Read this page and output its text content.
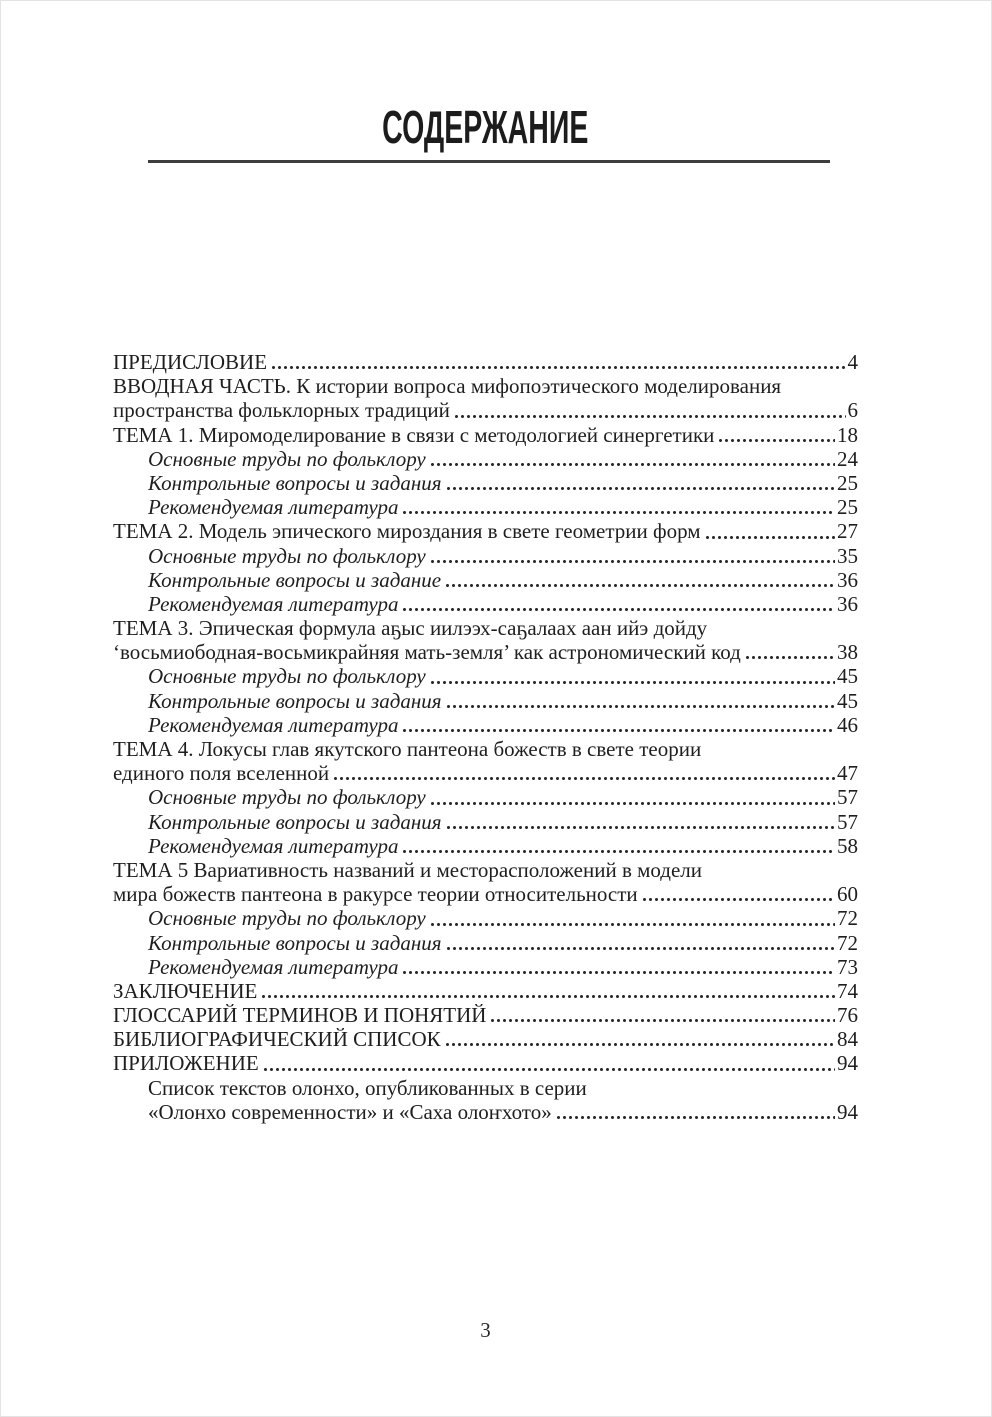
СОДЕРЖАНИЕ
ПРЕДИСЛОВИЕ	4
ВВОДНАЯ ЧАСТЬ. К истории вопроса мифопоэтического моделирования
пространства фольклорных традиций	6
ТЕМА 1. Миромоделирование в связи с методологией синергетики	18
Основные труды по фольклору	24
Контрольные вопросы и задания	25
Рекомендуемая литература	25
ТЕМА 2. Модель эпического мироздания в свете геометрии форм	27
Основные труды по фольклору	35
Контрольные вопросы и задание	36
Рекомендуемая литература	36
ТЕМА 3. Эпическая формула аҕыс иилээх-саҕалаах аан ийэ дойду
‘восьмиободная-восьмикрайняя мать-земля’ как астрономический код	38
Основные труды по фольклору	45
Контрольные вопросы и задания	45
Рекомендуемая литература	46
ТЕМА 4. Локусы глав якутского пантеона божеств в свете теории
единого поля вселенной	47
Основные труды по фольклору	57
Контрольные вопросы и задания	57
Рекомендуемая литература	58
ТЕМА 5 Вариативность названий и месторасположений в модели
мира божеств пантеона в ракурсе теории относительности	60
Основные труды по фольклору	72
Контрольные вопросы и задания	72
Рекомендуемая литература	73
ЗАКЛЮЧЕНИЕ	74
ГЛОССАРИЙ ТЕРМИНОВ И ПОНЯТИЙ	76
БИБЛИОГРАФИЧЕСКИЙ СПИСОК	84
ПРИЛОЖЕНИЕ	94
Список текстов олонхо, опубликованных в серии
«Олонхо современности» и «Саха олоҥхото»	94
3
